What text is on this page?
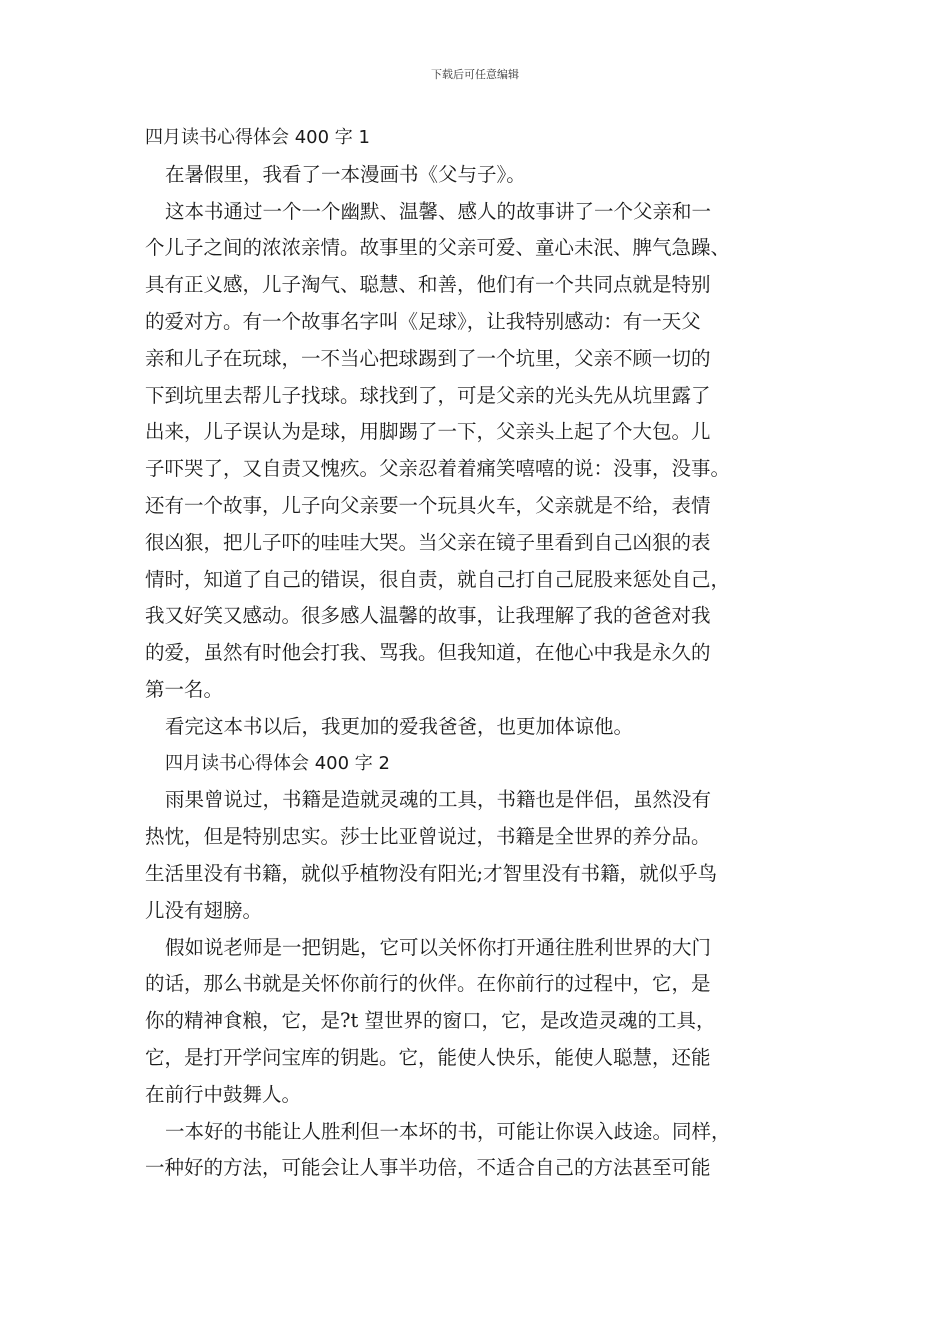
下载后可任意编辑
四月读书心得体会 400 字 1
在暑假里，我看了一本漫画书《父与子》。
这本书通过一个一个幽默、温馨、感人的故事讲了一个父亲和一
个儿子之间的浓浓亲情。故事里的父亲可爱、童心未泯、脾气急躁、
具有正义感，儿子淘气、聪慧、和善，他们有一个共同点就是特别
的爱对方。有一个故事名字叫《足球》，让我特别感动：有一天父
亲和儿子在玩球，一不当心把球踢到了一个坑里，父亲不顾一切的
下到坑里去帮儿子找球。球找到了，可是父亲的光头先从坑里露了
出来，儿子误认为是球，用脚踢了一下，父亲头上起了个大包。儿
子吓哭了，又自责又愧疚。父亲忍着着痛笑嘻嘻的说：没事，没事。
还有一个故事，儿子向父亲要一个玩具火车，父亲就是不给，表情
很凶狠，把儿子吓的哇哇大哭。当父亲在镜子里看到自己凶狠的表
情时，知道了自己的错误，很自责，就自己打自己屁股来惩处自己，
我又好笑又感动。很多感人温馨的故事，让我理解了我的爸爸对我
的爱，虽然有时他会打我、骂我。但我知道，在他心中我是永久的
第一名。
看完这本书以后，我更加的爱我爸爸，也更加体谅他。
四月读书心得体会 400 字 2
雨果曾说过，书籍是造就灵魂的工具，书籍也是伴侣，虽然没有
热忱，但是特别忠实。莎士比亚曾说过，书籍是全世界的养分品。
生活里没有书籍，就似乎植物没有阳光;才智里没有书籍，就似乎鸟
儿没有翅膀。
假如说老师是一把钥匙，它可以关怀你打开通往胜利世界的大门
的话，那么书就是关怀你前行的伙伴。在你前行的过程中，它，是
你的精神食粮，它，是?t 望世界的窗口，它，是改造灵魂的工具，
它，是打开学问宝库的钥匙。它，能使人快乐，能使人聪慧，还能
在前行中鼓舞人。
一本好的书能让人胜利但一本坏的书，可能让你误入歧途。同样，
一种好的方法，可能会让人事半功倍，不适合自己的方法甚至可能
